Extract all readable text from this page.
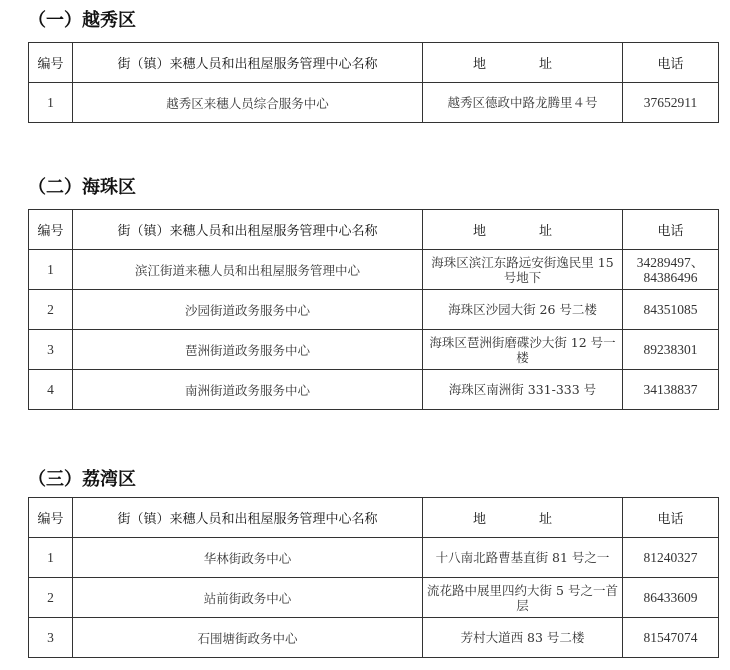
（一）越秀区
编号	街（镇）来穗人员和出租屋服务管理中心名称	地　址	电话
1	越秀区来穗人员综合服务中心	越秀区德政中路龙腾里４号	37652911
（二）海珠区
编号	街（镇）来穗人员和出租屋服务管理中心名称	地　址	电话
1	滨江街道来穗人员和出租屋服务管理中心	海珠区滨江东路远安街逸民里 15 号地下	34289497、84386496
2	沙园街道政务服务中心	海珠区沙园大街 26 号二楼	84351085
3	琶洲街道政务服务中心	海珠区琶洲街磨碟沙大街 12 号一楼	89238301
4	南洲街道政务服务中心	海珠区南洲街 331-333 号	34138837
（三）荔湾区
编号	街（镇）来穗人员和出租屋服务管理中心名称	地　址	电话
1	华林街政务中心	十八南北路曹基直街 81 号之一	81240327
2	站前街政务中心	流花路中展里四约大街 5 号之一首层	86433609
3	石围塘街政务中心	芳村大道西 83 号二楼	81547074
